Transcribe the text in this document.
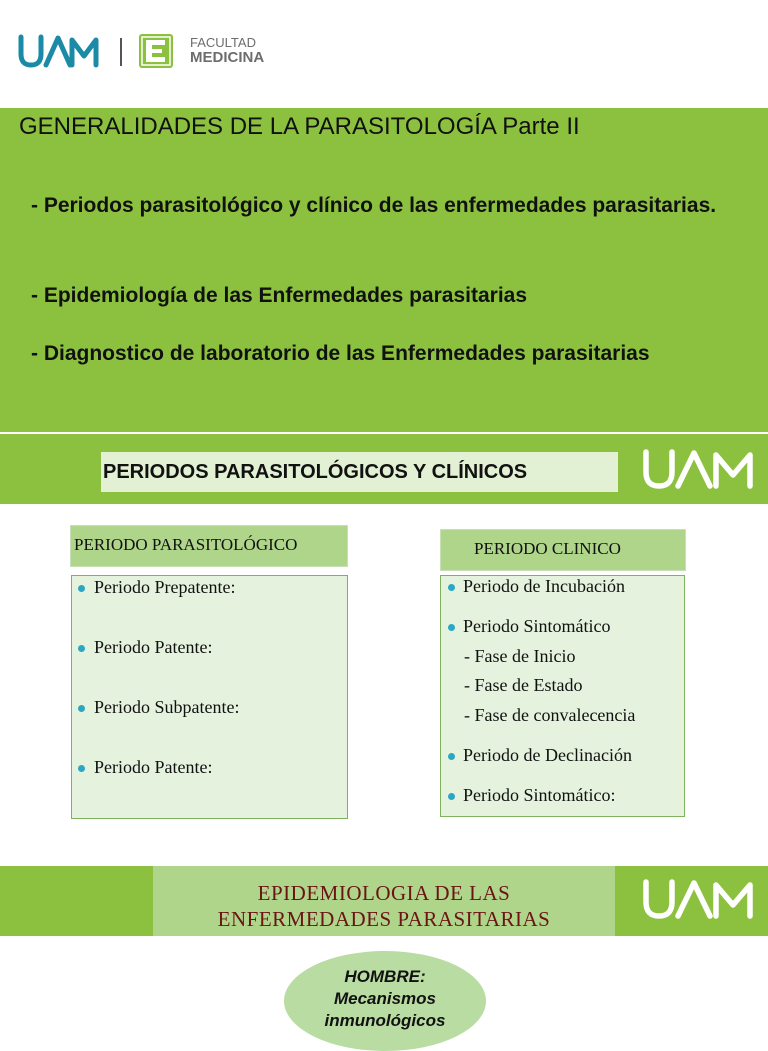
FACULTAD
MEDICINA
GENERALIDADES DE LA PARASITOLOGÍA Parte II
- Periodos parasitológico y clínico de las enfermedades parasitarias.
- Epidemiología de las Enfermedades parasitarias
- Diagnostico de laboratorio de las Enfermedades parasitarias
PERIODOS PARASITOLÓGICOS Y CLÍNICOS
PERIODO PARASITOLÓGICO
Periodo Prepatente:
Periodo Patente:
Periodo Subpatente:
Periodo Patente:
PERIODO CLINICO
Periodo de Incubación
Periodo Sintomático
- Fase de Inicio
- Fase de Estado
- Fase de convalecencia
Periodo de Declinación
Periodo Sintomático:
EPIDEMIOLOGIA DE LAS
ENFERMEDADES PARASITARIAS
HOMBRE:
Mecanismos
inmunológicos
